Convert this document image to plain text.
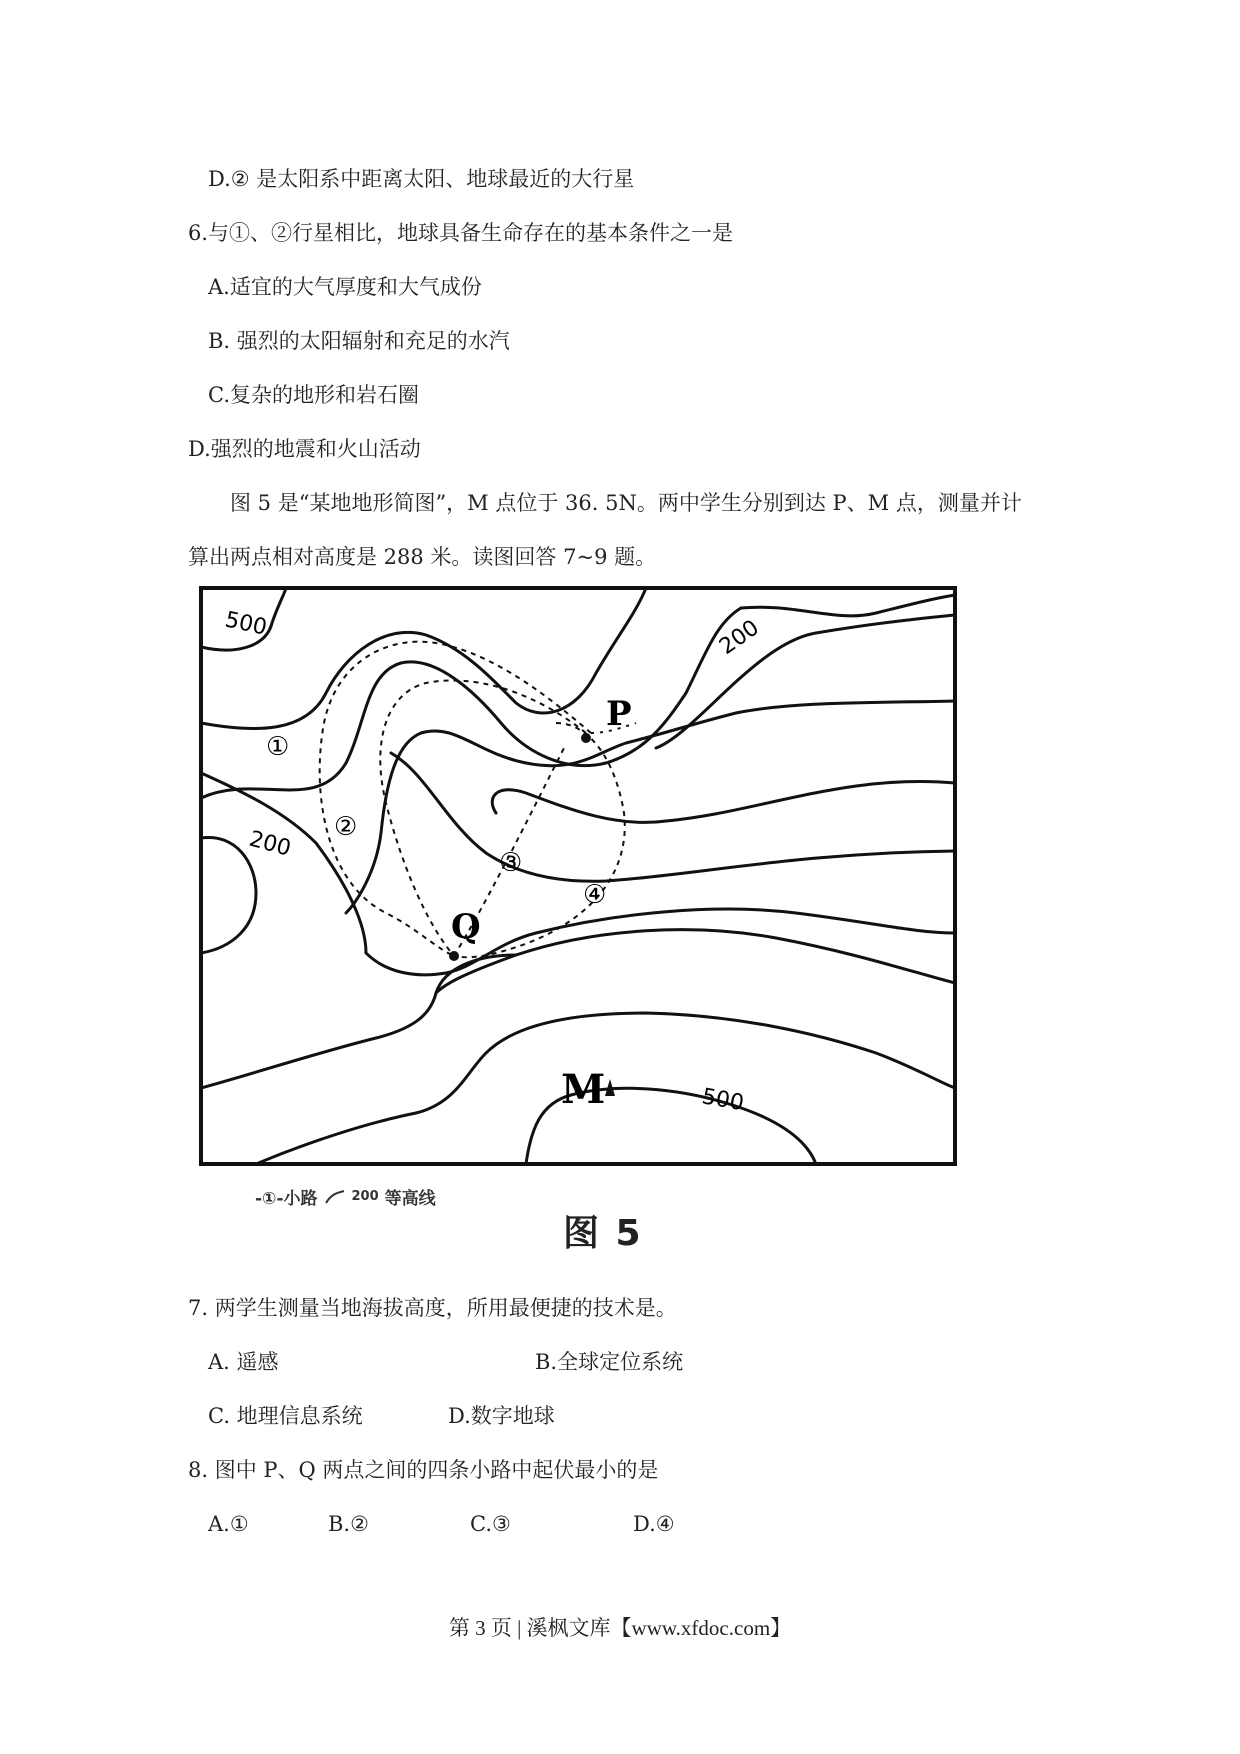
D.② 是太阳系中距离太阳、地球最近的大行星
6.与①、②行星相比，地球具备生命存在的基本条件之一是
A.适宜的大气厚度和大气成份
B. 强烈的太阳辐射和充足的水汽
C.复杂的地形和岩石圈
D.强烈的地震和火山活动
图 5 是“某地地形简图”，M 点位于 36. 5N。两中学生分别到达 P、M 点，测量并计
算出两点相对高度是 288 米。读图回答 7~9 题。
500	200
200
500
P
Q
M
①
②
③
④
-①-小路	200 等高线
图 5
7. 两学生测量当地海拔高度，所用最便捷的技术是。
A. 遥感	B.全球定位系统
C. 地理信息系统	D.数字地球
8. 图中 P、Q 两点之间的四条小路中起伏最小的是
A.①	B.②	C.③	D.④
第 3 页 | 溪枫文库【www.xfdoc.com】
